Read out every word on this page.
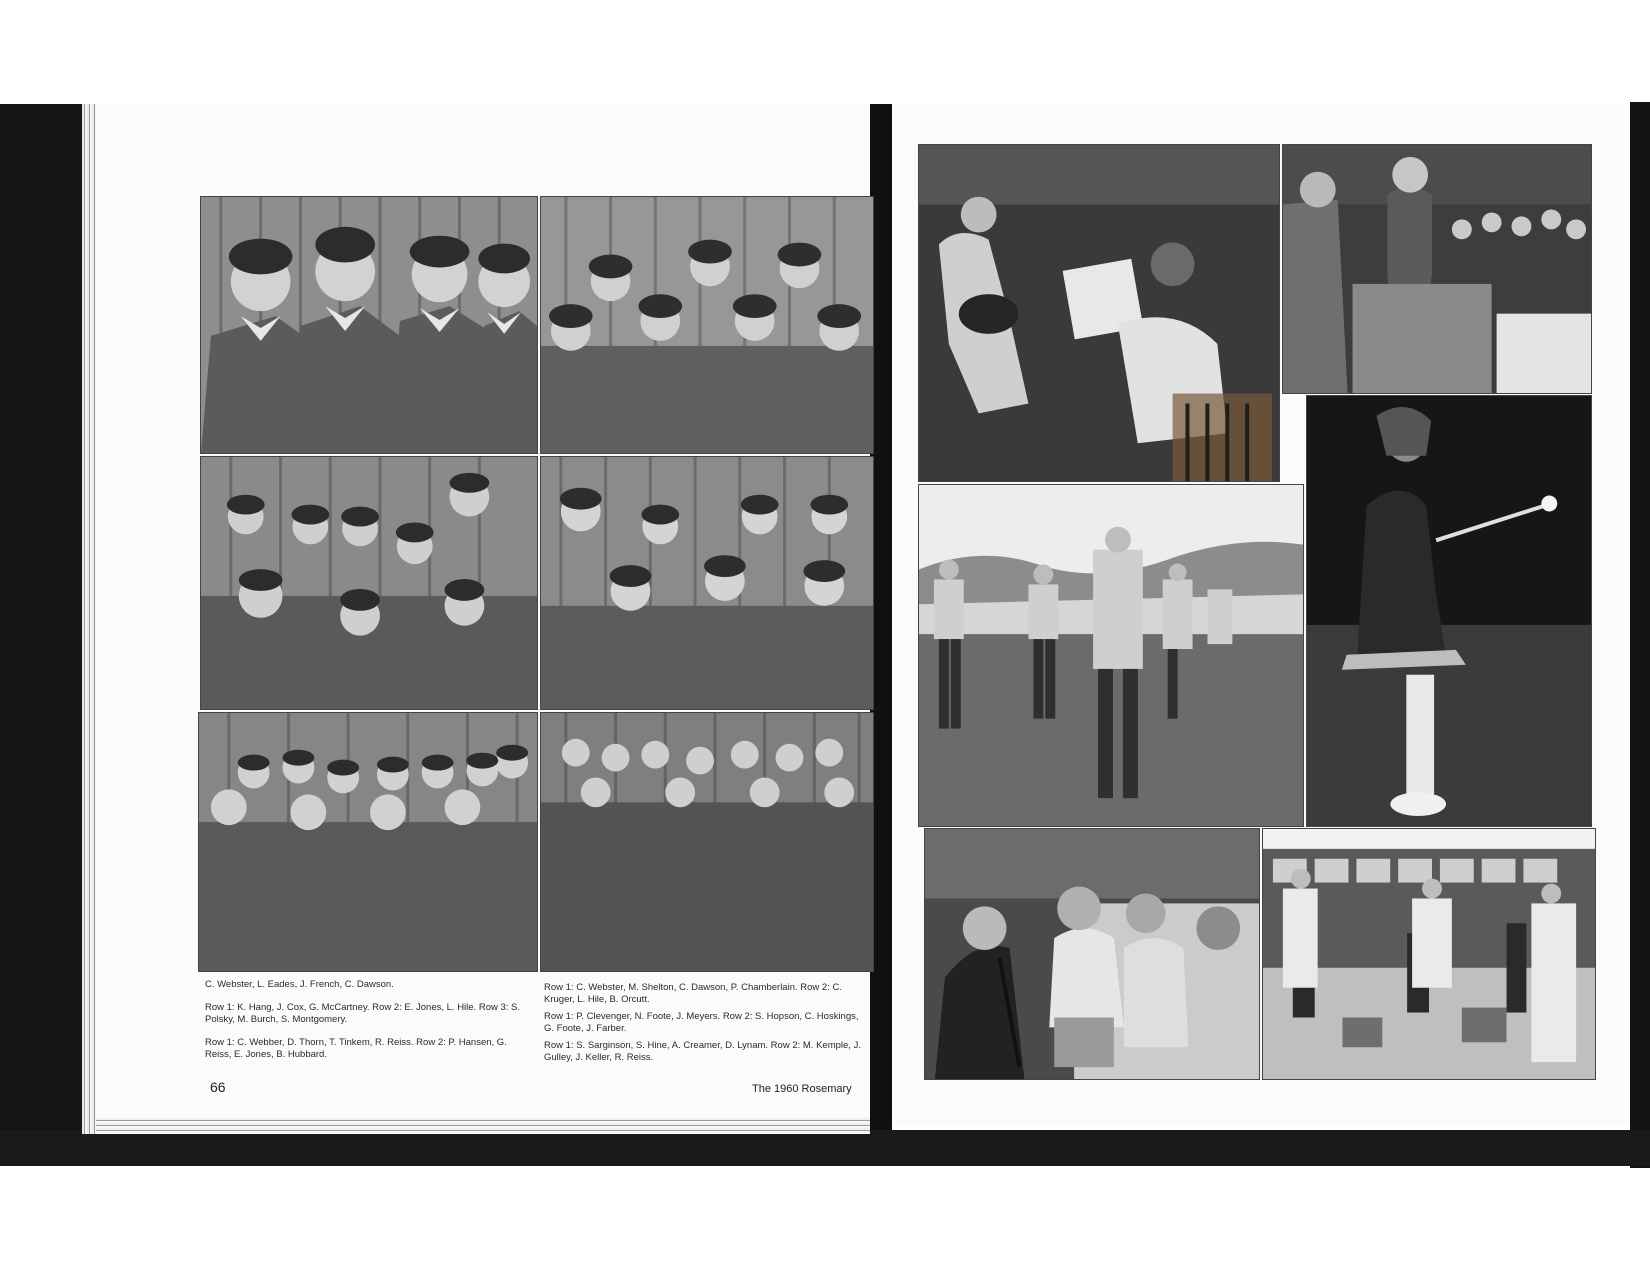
C. Webster, L. Eades, J. French, C. Dawson.

Row 1: K. Hang, J. Cox, G. McCartney. Row 2: E. Jones, L. Hile. Row 3: S. Polsky, M. Burch, S. Montgomery.

Row 1: C. Webber, D. Thorn, T. Tinkem, R. Reiss. Row 2: P. Hansen, G. Reiss, E. Jones, B. Hubbard.

Row 1: C. Webster, M. Shelton, C. Dawson, P. Chamberlain. Row 2: C. Kruger, L. Hile, B. Orcutt.

Row 1: P. Clevenger, N. Foote, J. Meyers. Row 2: S. Hopson, C. Hoskings, G. Foote, J. Farber.

Row 1: S. Sarginson, S. Hine, A. Creamer, D. Lynam. Row 2: M. Kemple, J. Gulley, J. Keller, R. Reiss.

66	The 1960 Rosemary
Swallow Lines
